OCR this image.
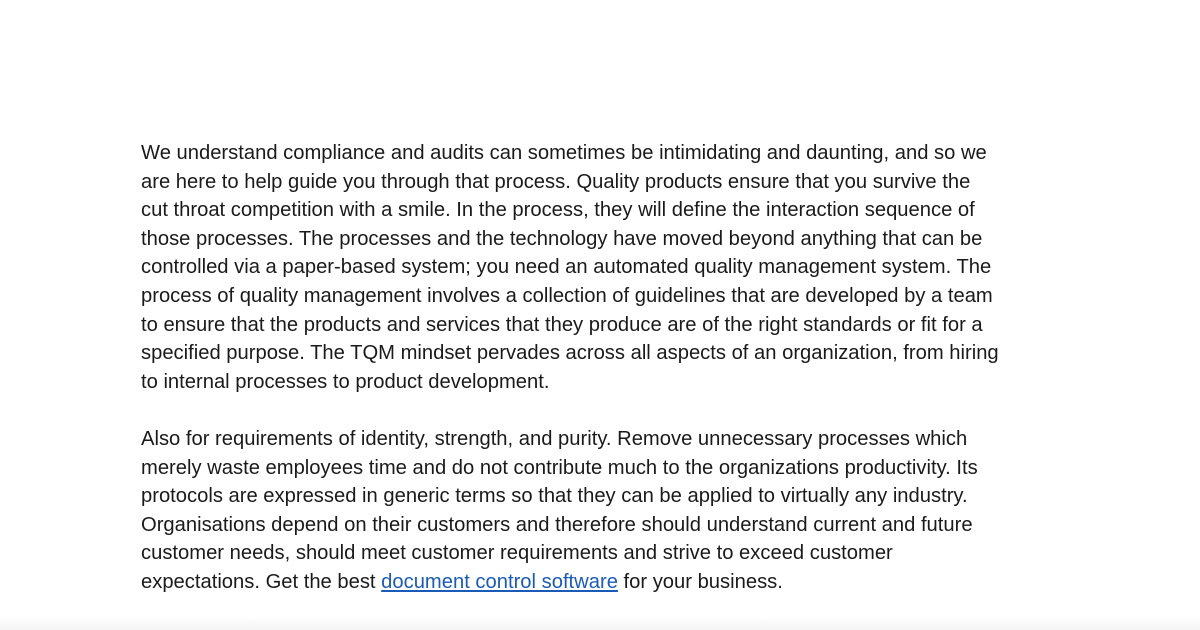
We understand compliance and audits can sometimes be intimidating and daunting, and so we
are here to help guide you through that process. Quality products ensure that you survive the
cut throat competition with a smile. In the process, they will define the interaction sequence of
those processes. The processes and the technology have moved beyond anything that can be
controlled via a paper-based system; you need an automated quality management system. The
process of quality management involves a collection of guidelines that are developed by a team
to ensure that the products and services that they produce are of the right standards or fit for a
specified purpose. The TQM mindset pervades across all aspects of an organization, from hiring
to internal processes to product development.

Also for requirements of identity, strength, and purity. Remove unnecessary processes which
merely waste employees time and do not contribute much to the organizations productivity. Its
protocols are expressed in generic terms so that they can be applied to virtually any industry.
Organisations depend on their customers and therefore should understand current and future
customer needs, should meet customer requirements and strive to exceed customer
expectations. Get the best document control software for your business.
